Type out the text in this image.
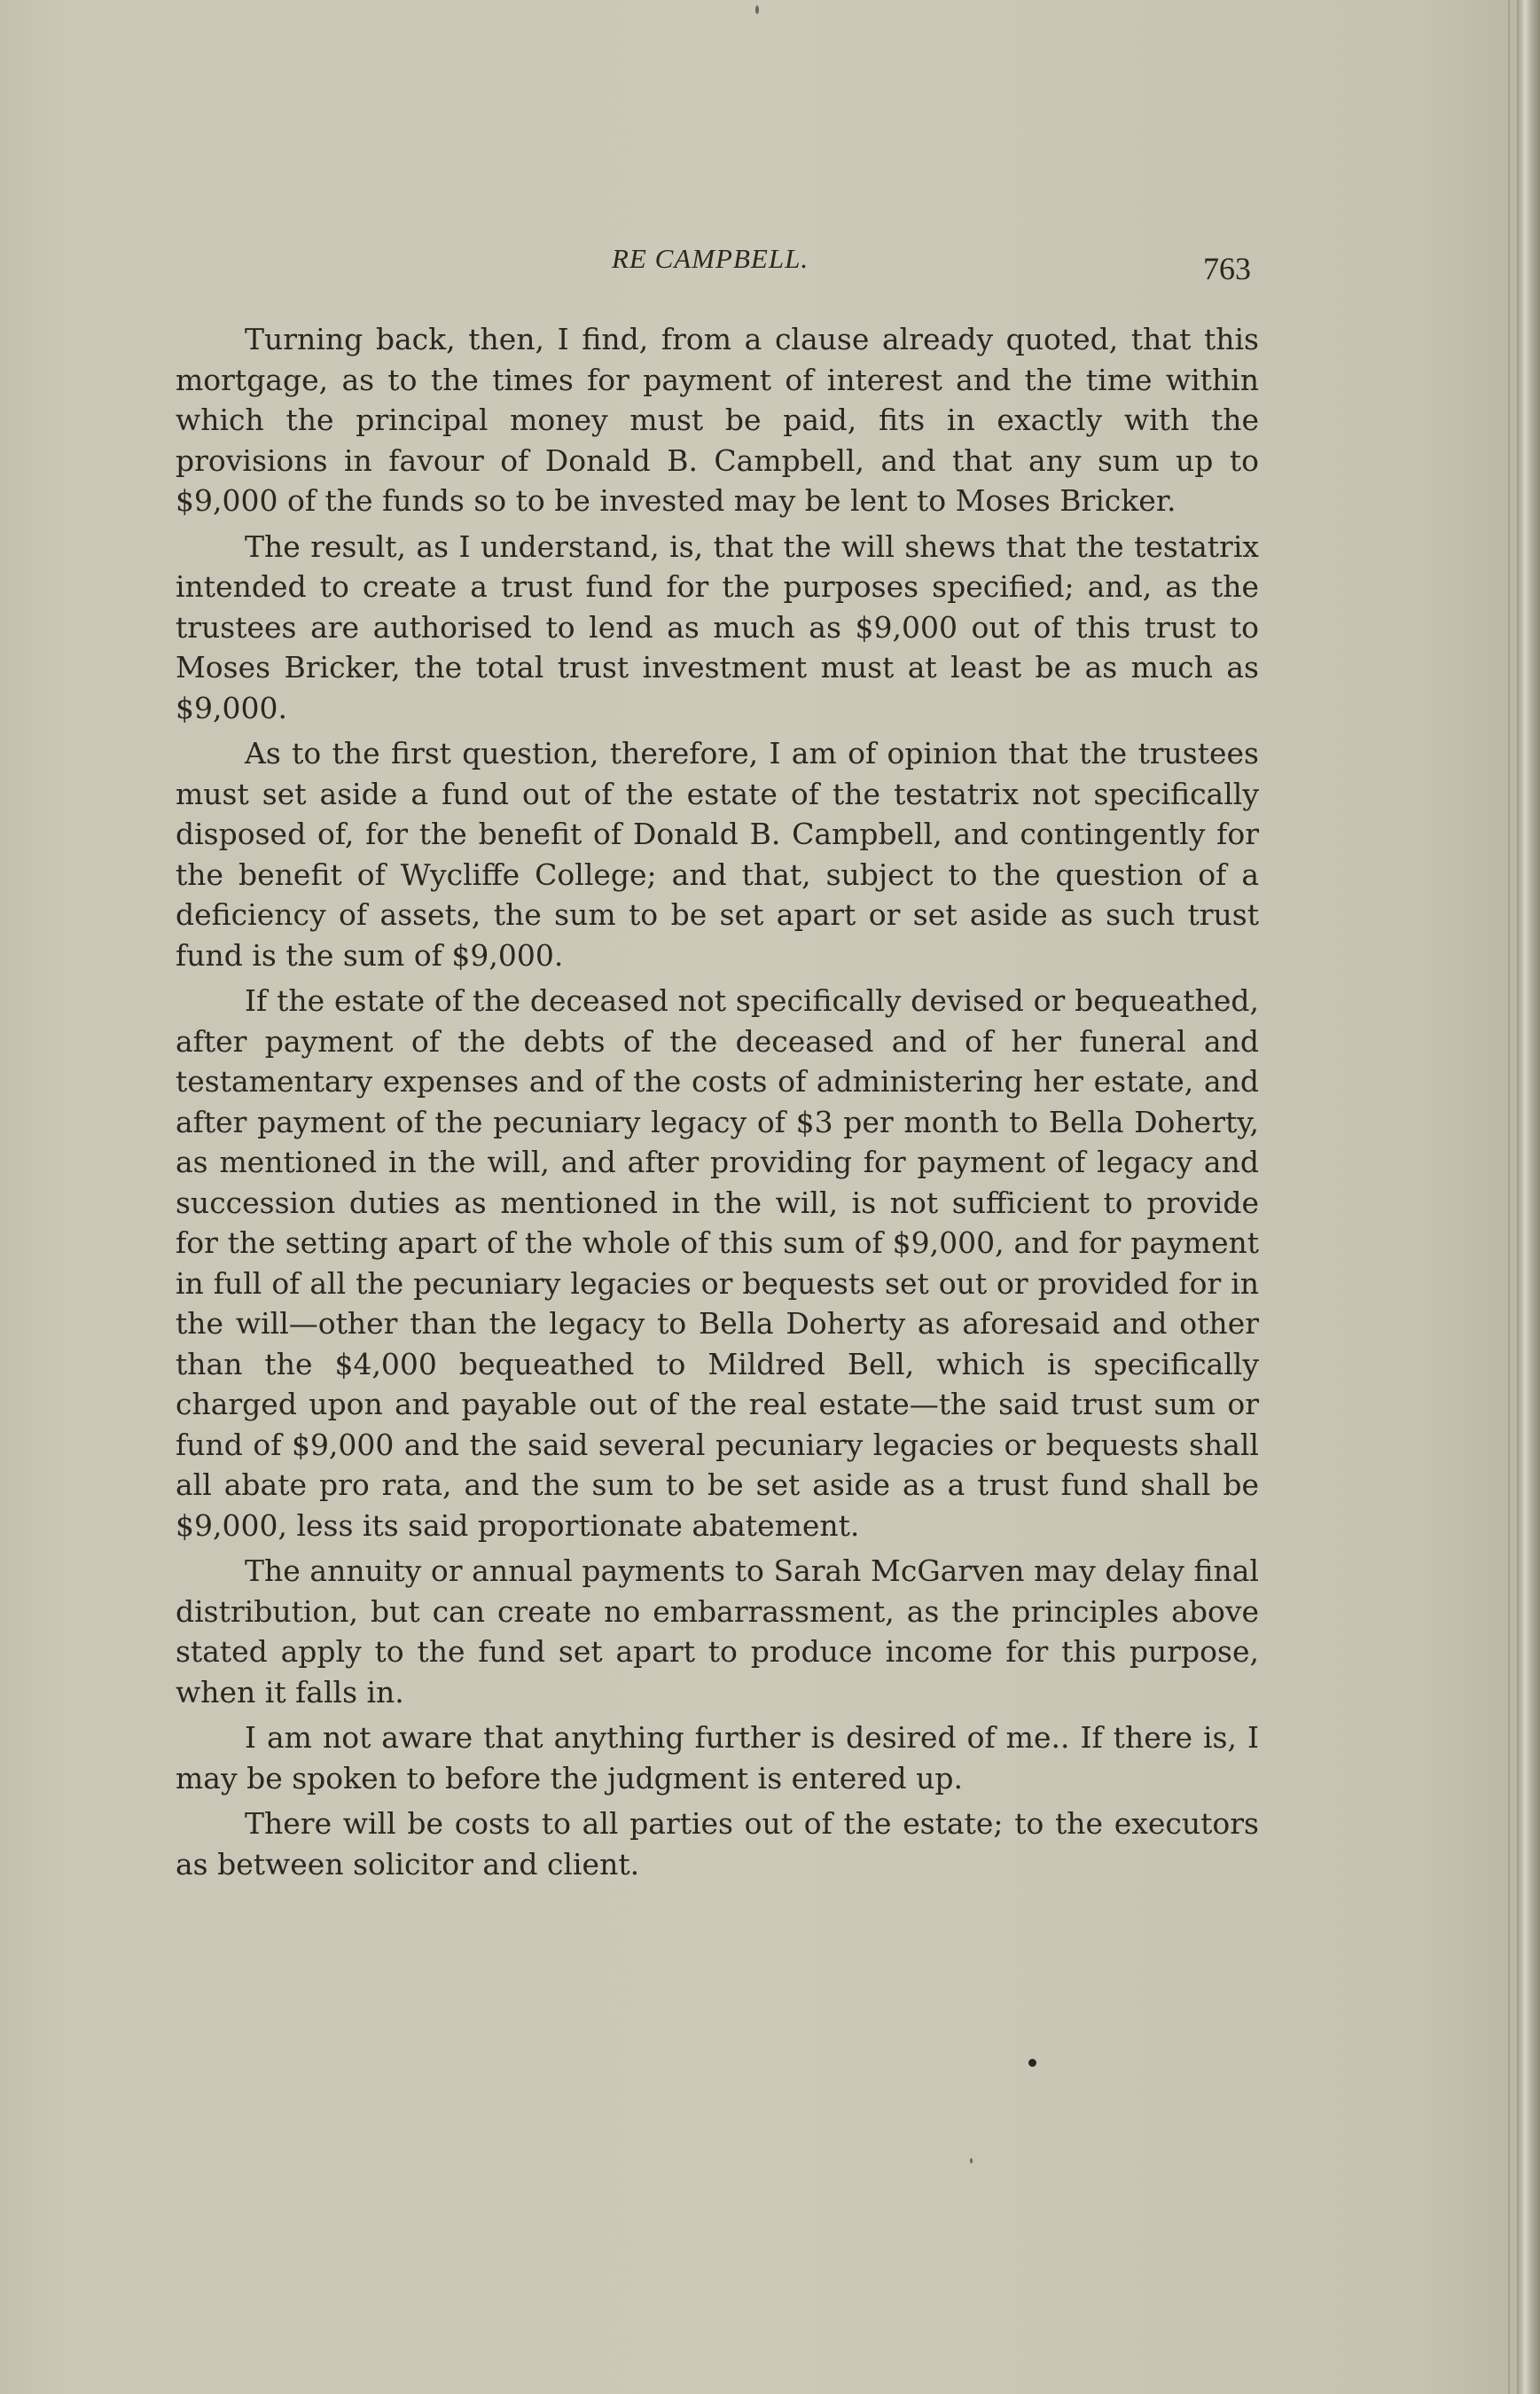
RE CAMPBELL.	763

Turning back, then, I find, from a clause already quoted, that this mortgage, as to the times for payment of interest and the time within which the principal money must be paid, fits in exactly with the provisions in favour of Donald B. Campbell, and that any sum up to $9,000 of the funds so to be invested may be lent to Moses Bricker.

The result, as I understand, is, that the will shews that the testatrix intended to create a trust fund for the purposes specified; and, as the trustees are authorised to lend as much as $9,000 out of this trust to Moses Bricker, the total trust investment must at least be as much as $9,000.

As to the first question, therefore, I am of opinion that the trustees must set aside a fund out of the estate of the testatrix not specifically disposed of, for the benefit of Donald B. Campbell, and contingently for the benefit of Wycliffe College; and that, subject to the question of a deficiency of assets, the sum to be set apart or set aside as such trust fund is the sum of $9,000.

If the estate of the deceased not specifically devised or bequeathed, after payment of the debts of the deceased and of her funeral and testamentary expenses and of the costs of administering her estate, and after payment of the pecuniary legacy of $3 per month to Bella Doherty, as mentioned in the will, and after providing for payment of legacy and succession duties as mentioned in the will, is not sufficient to provide for the setting apart of the whole of this sum of $9,000, and for payment in full of all the pecuniary legacies or bequests set out or provided for in the will—other than the legacy to Bella Doherty as aforesaid and other than the $4,000 bequeathed to Mildred Bell, which is specifically charged upon and payable out of the real estate—the said trust sum or fund of $9,000 and the said several pecuniary legacies or bequests shall all abate pro rata, and the sum to be set aside as a trust fund shall be $9,000, less its said proportionate abatement.

The annuity or annual payments to Sarah McGarven may delay final distribution, but can create no embarrassment, as the principles above stated apply to the fund set apart to produce income for this purpose, when it falls in.

I am not aware that anything further is desired of me.. If there is, I may be spoken to before the judgment is entered up.

There will be costs to all parties out of the estate; to the executors as between solicitor and client.
